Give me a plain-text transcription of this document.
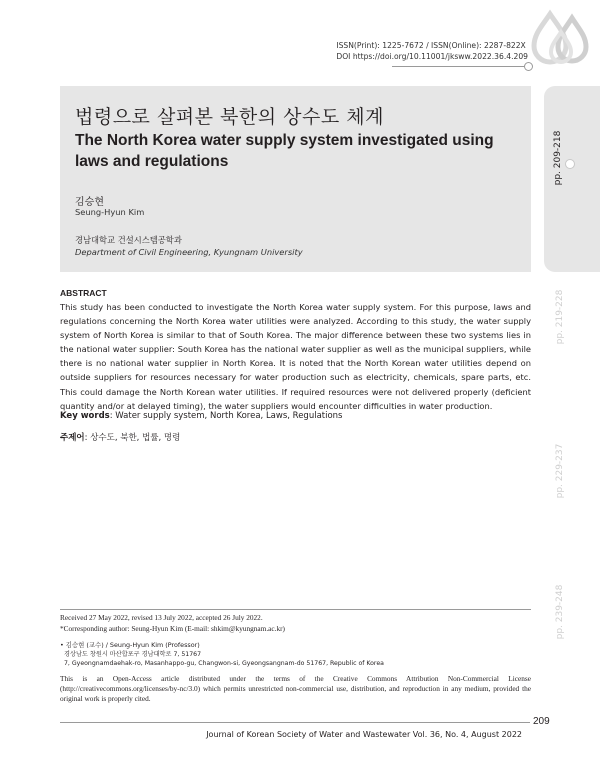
ISSN(Print): 1225-7672 / ISSN(Online): 2287-822X
DOI https://doi.org/10.11001/jksww.2022.36.4.209
법령으로 살펴본 북한의 상수도 체계
The North Korea water supply system investigated using laws and regulations
김승현
Seung-Hyun Kim
경남대학교 건설시스템공학과
Department of Civil Engineering, Kyungnam University
pp. 209-218
pp. 219-228
pp. 229-237
pp. 239-248
ABSTRACT
This study has been conducted to investigate the North Korea water supply system. For this purpose, laws and regulations concerning the North Korea water utilities were analyzed. According to this study, the water supply system of North Korea is similar to that of South Korea. The major difference between these two systems lies in the national water supplier: South Korea has the national water supplier as well as the municipal suppliers, while there is no national water supplier in North Korea. It is noted that the North Korean water utilities depend on outside suppliers for resources necessary for water production such as electricity, chemicals, spare parts, etc. This could damage the North Korean water utilities. If required resources were not delivered properly (deficient quantity and/or at delayed timing), the water suppliers would encounter difficulties in water production.
Key words: Water supply system, North Korea, Laws, Regulations
주제어: 상수도, 북한, 법률, 명령
Received 27 May 2022, revised 13 July 2022, accepted 26 July 2022.
*Corresponding author: Seung-Hyun Kim (E-mail: shkim@kyungnam.ac.kr)
• 김승현 (교수) / Seung-Hyun Kim (Professor)
경상남도 창원시 마산합포구 경남대학로 7, 51767
7, Gyeongnamdaehak-ro, Masanhappo-gu, Changwon-si, Gyeongsangnam-do 51767, Republic of Korea
This is an Open-Access article distributed under the terms of the Creative Commons Attribution Non-Commercial License (http://creativecommons.org/licenses/by-nc/3.0) which permits unrestricted non-commercial use, distribution, and reproduction in any medium, provided the original work is properly cited.
209
Journal of Korean Society of Water and Wastewater Vol. 36, No. 4, August 2022
